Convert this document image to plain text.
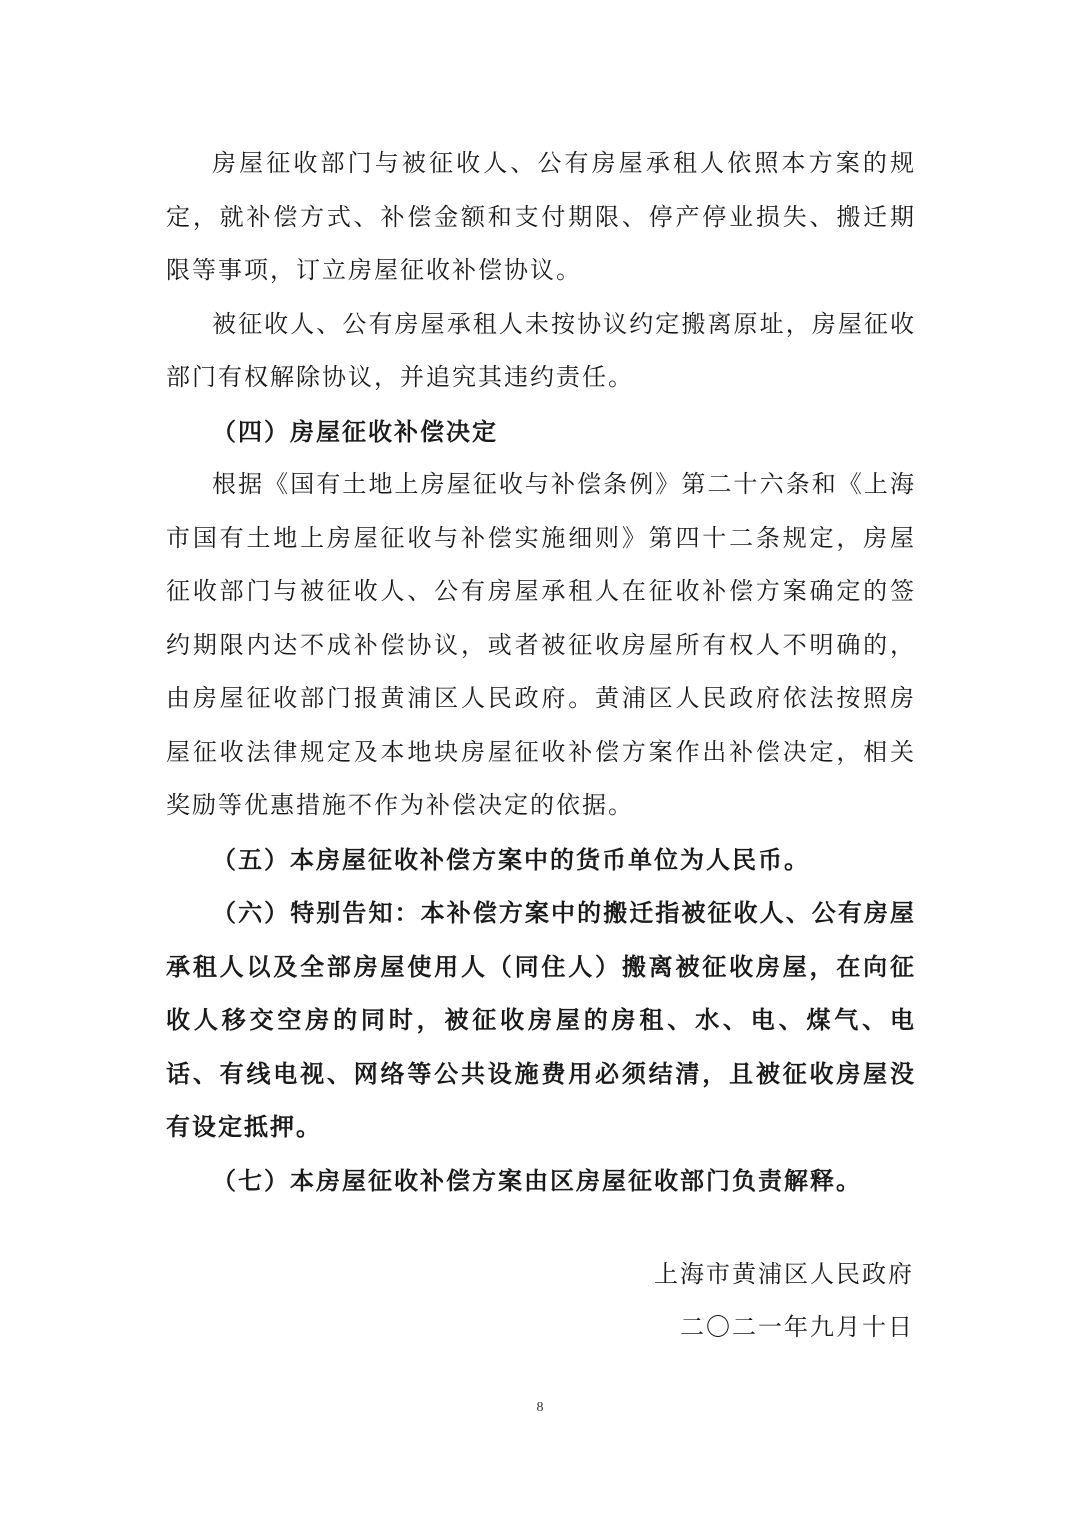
房屋征收部门与被征收人、公有房屋承租人依照本方案的规定，就补偿方式、补偿金额和支付期限、停产停业损失、搬迁期限等事项，订立房屋征收补偿协议。

被征收人、公有房屋承租人未按协议约定搬离原址，房屋征收部门有权解除协议，并追究其违约责任。

（四）房屋征收补偿决定

根据《国有土地上房屋征收与补偿条例》第二十六条和《上海市国有土地上房屋征收与补偿实施细则》第四十二条规定，房屋征收部门与被征收人、公有房屋承租人在征收补偿方案确定的签约期限内达不成补偿协议，或者被征收房屋所有权人不明确的，由房屋征收部门报黄浦区人民政府。黄浦区人民政府依法按照房屋征收法律规定及本地块房屋征收补偿方案作出补偿决定，相关奖励等优惠措施不作为补偿决定的依据。

（五）本房屋征收补偿方案中的货币单位为人民币。

（六）特别告知：本补偿方案中的搬迁指被征收人、公有房屋承租人以及全部房屋使用人（同住人）搬离被征收房屋，在向征收人移交空房的同时，被征收房屋的房租、水、电、煤气、电话、有线电视、网络等公共设施费用必须结清，且被征收房屋没有设定抵押。

（七）本房屋征收补偿方案由区房屋征收部门负责解释。

上海市黄浦区人民政府
二〇二一年九月十日
8
